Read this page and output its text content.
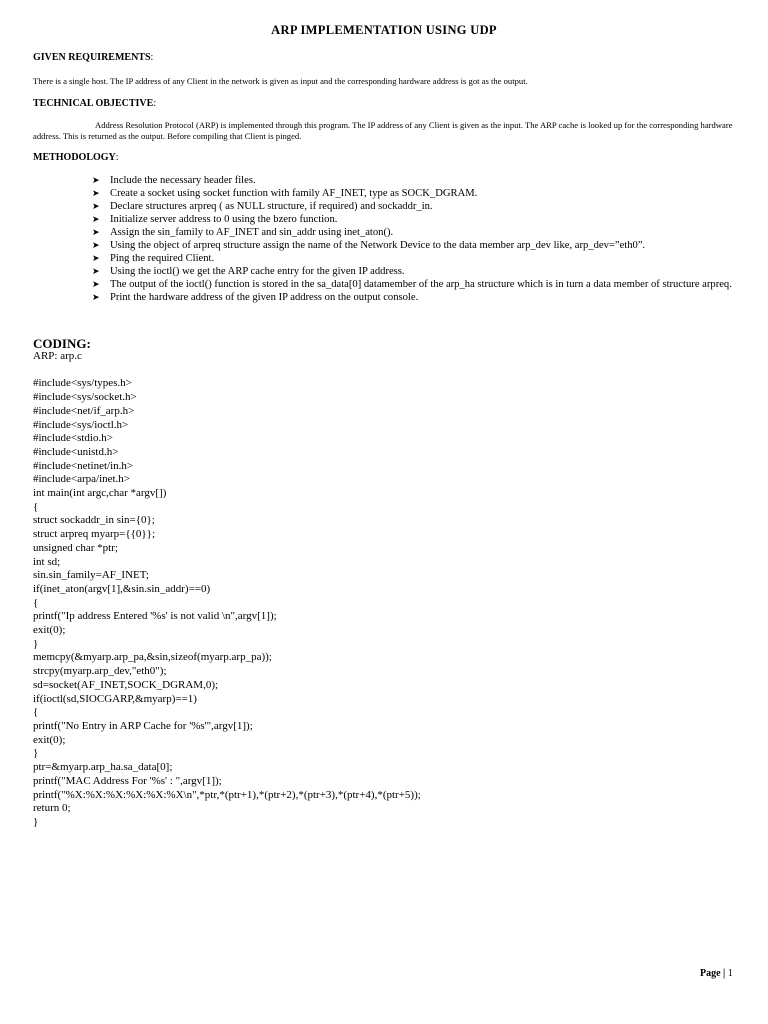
ARP IMPLEMENTATION USING UDP
GIVEN REQUIREMENTS:
There is a single host. The IP address of any Client in the network is given as input and the corresponding hardware address is got as the output.
TECHNICAL OBJECTIVE:
Address Resolution Protocol (ARP) is implemented through this program. The IP address of any Client is given as the input. The ARP cache is looked up for the corresponding hardware address. This is returned as the output. Before compiling that Client is pinged.
METHODOLOGY:
➤ Include the necessary header files.
➤ Create a socket using socket function with family AF_INET, type as SOCK_DGRAM.
➤ Declare structures arpreq ( as NULL structure, if required) and sockaddr_in.
➤ Initialize server address to 0 using the bzero function.
➤ Assign the sin_family to AF_INET and sin_addr using inet_aton().
➤ Using the object of arpreq structure assign the name of the Network Device to the data member arp_dev like, arp_dev=”eth0”.
➤ Ping the required Client.
➤ Using the ioctl() we get the ARP cache entry for the given IP address.
➤ The output of the ioctl() function is stored in the sa_data[0] datamember of the arp_ha structure which is in turn a data member of structure arpreq.
➤ Print the hardware address of the given IP address on the output console.
CODING:
ARP: arp.c

#include<sys/types.h>
#include<sys/socket.h>
#include<net/if_arp.h>
#include<sys/ioctl.h>
#include<stdio.h>
#include<unistd.h>
#include<netinet/in.h>
#include<arpa/inet.h>
int main(int argc,char *argv[])
{
struct sockaddr_in sin={0};
struct arpreq myarp={{0}};
unsigned char *ptr;
int sd;
sin.sin_family=AF_INET;
if(inet_aton(argv[1],&sin.sin_addr)==0)
{
printf("Ip address Entered '%s' is not valid \n",argv[1]);
exit(0);
}
memcpy(&myarp.arp_pa,&sin,sizeof(myarp.arp_pa));
strcpy(myarp.arp_dev,"eth0");
sd=socket(AF_INET,SOCK_DGRAM,0);
if(ioctl(sd,SIOCGARP,&myarp)==1)
{
printf("No Entry in ARP Cache for '%s'",argv[1]);
exit(0);
}
ptr=&myarp.arp_ha.sa_data[0];
printf("MAC Address For '%s' : ",argv[1]);
printf("%X:%X:%X:%X:%X:%X\n",*ptr,*(ptr+1),*(ptr+2),*(ptr+3),*(ptr+4),*(ptr+5));
return 0;
}
Page | 1
